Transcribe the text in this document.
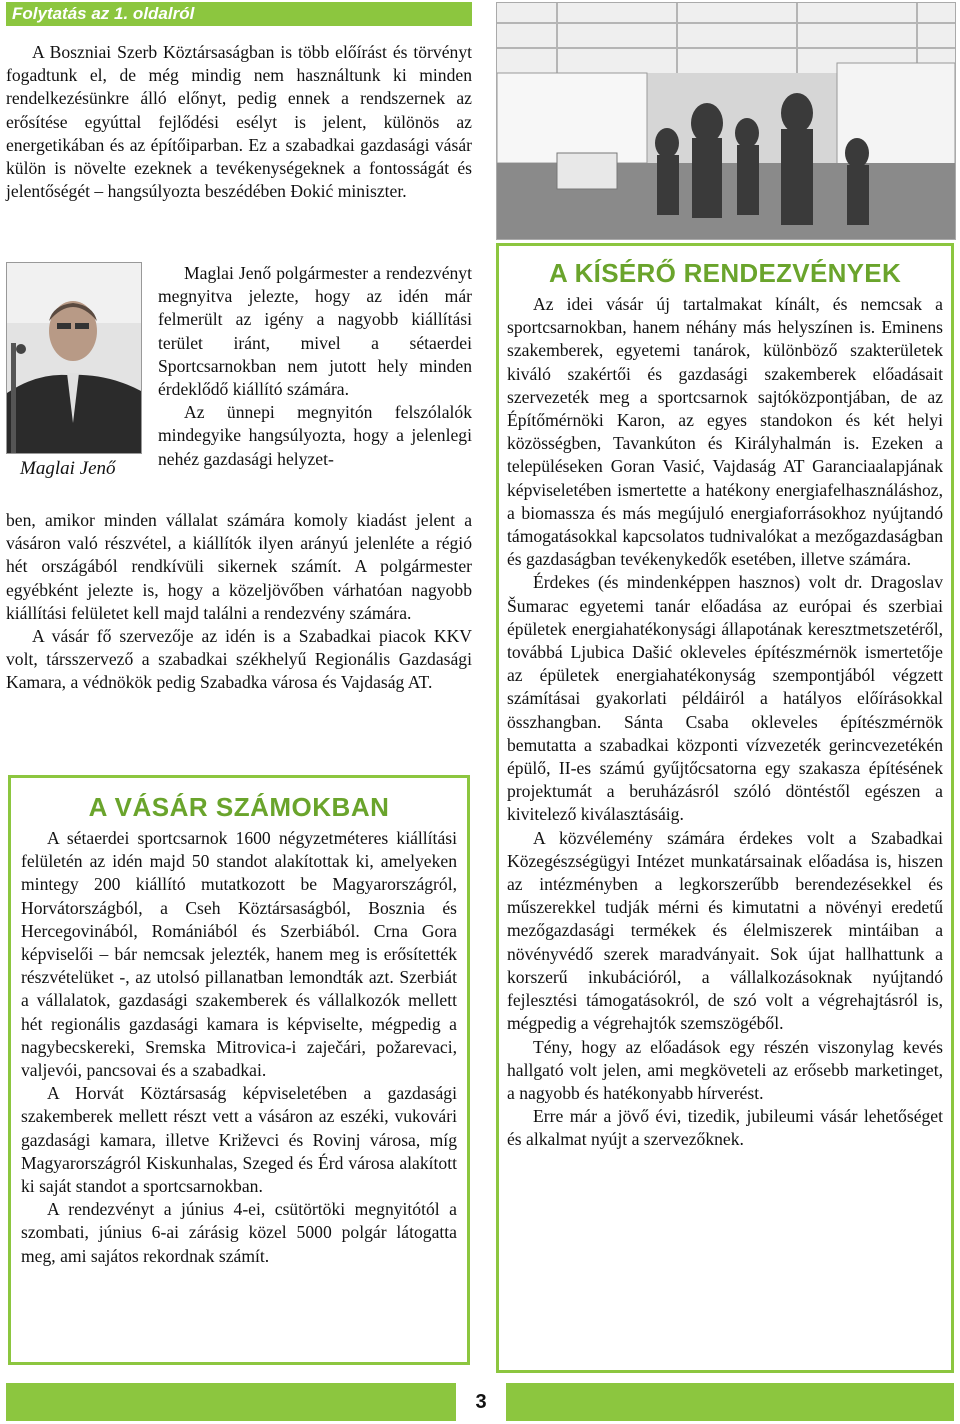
Folytatás az 1. oldalról

A Boszniai Szerb Köztársaságban is több előírást és törvényt fogadtunk el, de még mindig nem használtunk ki minden rendelkezésünkre álló előnyt, pedig ennek a rendszernek az erősítése egyúttal fejlődési esélyt is jelent, különös az energetikában és az építőiparban. Ez a szabadkai gazdasági vásár külön is növelte ezeknek a tevékenységeknek a fontosságát és jelentőségét – hangsúlyozta beszédében Đokić miniszter.

Maglai Jenő

Maglai Jenő polgármester a rendezvényt megnyitva jelezte, hogy az idén már felmerült az igény a nagyobb kiállítási terület iránt, mivel a sétaerdei Sportcsarnokban nem jutott hely minden érdeklődő kiállító számára.

Az ünnepi megnyitón felszólalók mindegyike hangsúlyozta, hogy a jelenlegi nehéz gazdasági helyzet-

ben, amikor minden vállalat számára komoly kiadást jelent a vásáron való részvétel, a kiállítók ilyen arányú jelenléte a régió hét országából rendkívüli sikernek számít. A polgármester egyébként jelezte is, hogy a közeljövőben várhatóan nagyobb kiállítási felületet kell majd találni a rendezvény számára.

A vásár fő szervezője az idén is a Szabadkai piacok KKV volt, társszervező a szabadkai székhelyű Regionális Gazdasági Kamara, a védnökök pedig Szabadka városa és Vajdaság AT.

A VÁSÁR SZÁMOKBAN

A sétaerdei sportcsarnok 1600 négyzetméteres kiállítási felületén az idén majd 50 standot alakítottak ki, amelyeken mintegy 200 kiállító mutatkozott be Magyarországról, Horvátországból, a Cseh Köztársaságból, Bosznia és Hercegovinából, Romániából és Szerbiából. Crna Gora képviselői – bár nemcsak jelezték, hanem meg is erősítették részvételüket -, az utolsó pillanatban lemondták azt. Szerbiát a vállalatok, gazdasági szakemberek és vállalkozók mellett hét regionális gazdasági kamara is képviselte, mégpedig a nagybecskereki, Sremska Mitrovica-i zaječári, požarevaci, valjevói, pancsovai és a szabadkai.

A Horvát Köztársaság képviseletében a gazdasági szakemberek mellett részt vett a vásáron az eszéki, vukovári gazdasági kamara, illetve Križevci és Rovinj városa, míg Magyarországról Kiskunhalas, Szeged és Érd városa alakított ki saját standot a sportcsarnokban.

A rendezvényt a június 4-ei, csütörtöki megnyitótól a szombati, június 6-ai zárásig közel 5000 polgár látogatta meg, ami sajátos rekordnak számít.

A KÍSÉRŐ RENDEZVÉNYEK

Az idei vásár új tartalmakat kínált, és nemcsak a sportcsarnokban, hanem néhány más helyszínen is. Eminens szakemberek, egyetemi tanárok, különböző szakterületek kiváló szakértői és gazdasági szakemberek előadásait szervezeték meg a sportcsarnok sajtóközpontjában, de az Építőmérnöki Karon, az egyes standokon és két helyi közösségben, Tavankúton és Királyhalmán is. Ezeken a településeken Goran Vasić, Vajdaság AT Garanciaalapjának képviseletében ismertette a hatékony energiafelhasználáshoz, a biomassza és más megújuló energiaforrásokhoz nyújtandó támogatásokkal kapcsolatos tudnivalókat a mezőgazdaságban és gazdaságban tevékenykedők esetében, illetve számára.

Érdekes (és mindenképpen hasznos) volt dr. Dragoslav Šumarac egyetemi tanár előadása az európai és szerbiai épületek energiahatékonysági állapotának keresztmetszetéről, továbbá Ljubica Dašić okleveles építészmérnök ismertetője az épületek energiahatékonyság szempontjából végzett számításai gyakorlati példáiról a hatályos előírásokkal összhangban. Sánta Csaba okleveles építészmérnök bemutatta a szabadkai központi vízvezeték gerincvezetékén épülő, II-es számú gyűjtőcsatorna egy szakasza építésének projektumát a beruházásról szóló döntéstől egészen a kivitelező kiválasztásáig.

A közvélemény számára érdekes volt a Szabadkai Közegészségügyi Intézet munkatársainak előadása is, hiszen az intézményben a legkorszerűbb berendezésekkel és műszerekkel tudják mérni és kimutatni a növényi eredetű mezőgazdasági termékek és élelmiszerek mintáiban a növényvédő szerek maradványait. Sok újat hallhattunk a korszerű inkubációról, a vállalkozásoknak nyújtandó fejlesztési támogatásokról, de szó volt a végrehajtásról is, mégpedig a végrehajtók szemszögéből.

Tény, hogy az előadások egy részén viszonylag kevés hallgató volt jelen, ami megköveteli az erősebb marketinget, a nagyobb és hatékonyabb hírverést.

Erre már a jövő évi, tizedik, jubileumi vásár lehetőséget és alkalmat nyújt a szervezőknek.

3
